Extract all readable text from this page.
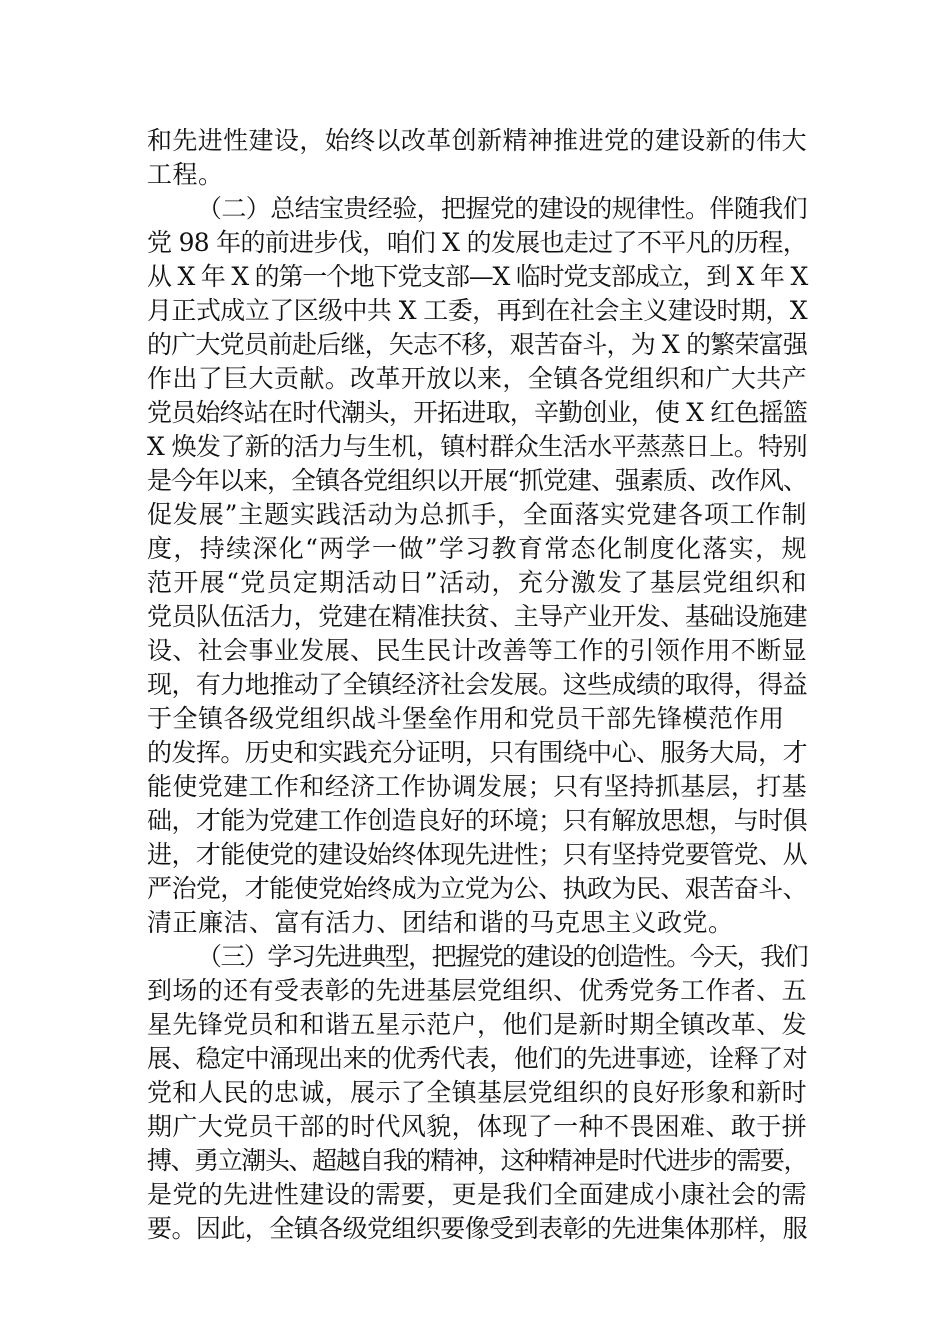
和先进性建设，始终以改革创新精神推进党的建设新的伟大
工程。
（二）总结宝贵经验，把握党的建设的规律性。伴随我们
党 98 年的前进步伐，咱们 X 的发展也走过了不平凡的历程，
从 X 年 X 的第一个地下党支部—X 临时党支部成立，到 X 年 X
月正式成立了区级中共 X 工委，再到在社会主义建设时期，X
的广大党员前赴后继，矢志不移，艰苦奋斗，为 X 的繁荣富强
作出了巨大贡献。改革开放以来，全镇各党组织和广大共产
党员始终站在时代潮头，开拓进取，辛勤创业，使 X 红色摇篮
X 焕发了新的活力与生机，镇村群众生活水平蒸蒸日上。特别
是今年以来，全镇各党组织以开展“抓党建、强素质、改作风、
促发展”主题实践活动为总抓手，全面落实党建各项工作制
度，持续深化“两学一做”学习教育常态化制度化落实，规
范开展“党员定期活动日”活动，充分激发了基层党组织和
党员队伍活力，党建在精准扶贫、主导产业开发、基础设施建
设、社会事业发展、民生民计改善等工作的引领作用不断显
现，有力地推动了全镇经济社会发展。这些成绩的取得，得益
于全镇各级党组织战斗堡垒作用和党员干部先锋模范作用
的发挥。历史和实践充分证明，只有围绕中心、服务大局，才
能使党建工作和经济工作协调发展；只有坚持抓基层，打基
础，才能为党建工作创造良好的环境；只有解放思想，与时俱
进，才能使党的建设始终体现先进性；只有坚持党要管党、从
严治党，才能使党始终成为立党为公、执政为民、艰苦奋斗、
清正廉洁、富有活力、团结和谐的马克思主义政党。
（三）学习先进典型，把握党的建设的创造性。今天，我们
到场的还有受表彰的先进基层党组织、优秀党务工作者、五
星先锋党员和和谐五星示范户，他们是新时期全镇改革、发
展、稳定中涌现出来的优秀代表，他们的先进事迹，诠释了对
党和人民的忠诚，展示了全镇基层党组织的良好形象和新时
期广大党员干部的时代风貌，体现了一种不畏困难、敢于拼
搏、勇立潮头、超越自我的精神，这种精神是时代进步的需要，
是党的先进性建设的需要，更是我们全面建成小康社会的需
要。因此，全镇各级党组织要像受到表彰的先进集体那样，服
